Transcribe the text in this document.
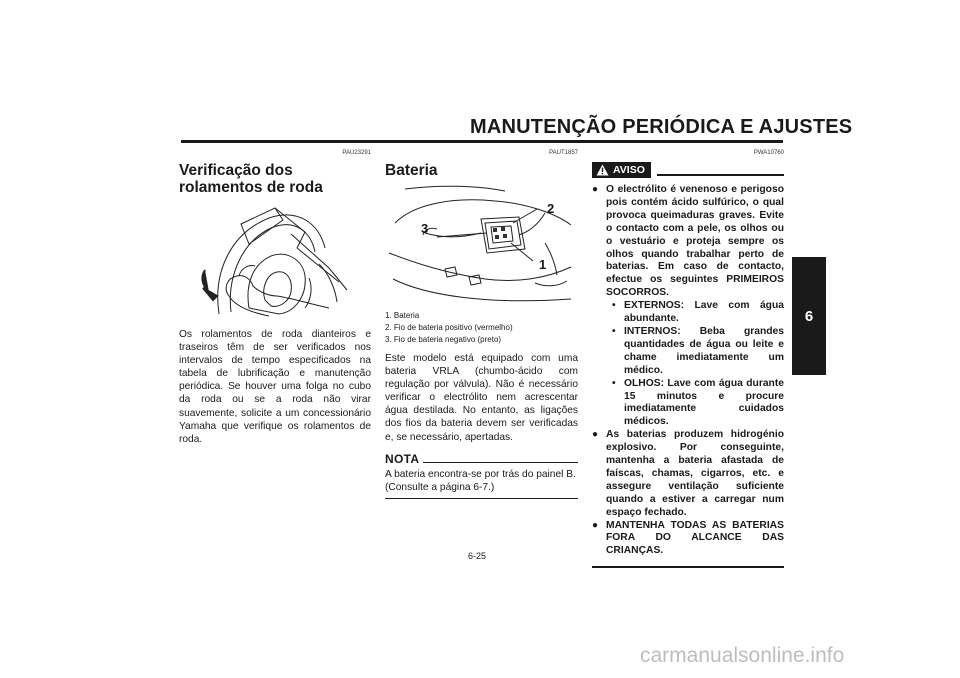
MANUTENÇÃO PERIÓDICA E AJUSTES
6
PAU23291
Verificação dos rolamentos de roda
Os rolamentos de roda dianteiros e traseiros têm de ser verificados nos intervalos de tempo especificados na tabela de lubrificação e manutenção periódica. Se houver uma folga no cubo da roda ou se a roda não virar suavemente, solicite a um concessionário Yamaha que verifique os rolamentos de roda.
PAUT1857
Bateria
3
2
1
1. Bateria
2. Fio de bateria positivo (vermelho)
3. Fio de bateria negativo (preto)
Este modelo está equipado com uma bateria VRLA (chumbo-ácido com regulação por válvula). Não é necessário verificar o electrólito nem acrescentar água destilada. No entanto, as ligações dos fios da bateria devem ser verificadas e, se necessário, apertadas.
NOTA
A bateria encontra-se por trás do painel B. (Consulte a página 6-7.)
PWA10760
AVISO
● O electrólito é venenoso e perigoso pois contém ácido sulfúrico, o qual provoca queimaduras graves. Evite o contacto com a pele, os olhos ou o vestuário e proteja sempre os olhos quando trabalhar perto de baterias. Em caso de contacto, efectue os seguintes PRIMEIROS SOCORROS.
• EXTERNOS: Lave com água abundante.
• INTERNOS: Beba grandes quantidades de água ou leite e chame imediatamente um médico.
• OLHOS: Lave com água durante 15 minutos e procure imediatamente cuidados médicos.
● As baterias produzem hidrogénio explosivo. Por conseguinte, mantenha a bateria afastada de faíscas, chamas, cigarros, etc. e assegure ventilação suficiente quando a estiver a carregar num espaço fechado.
● MANTENHA TODAS AS BATERIAS FORA DO ALCANCE DAS CRIANÇAS.
6-25
carmanualsonline.info
